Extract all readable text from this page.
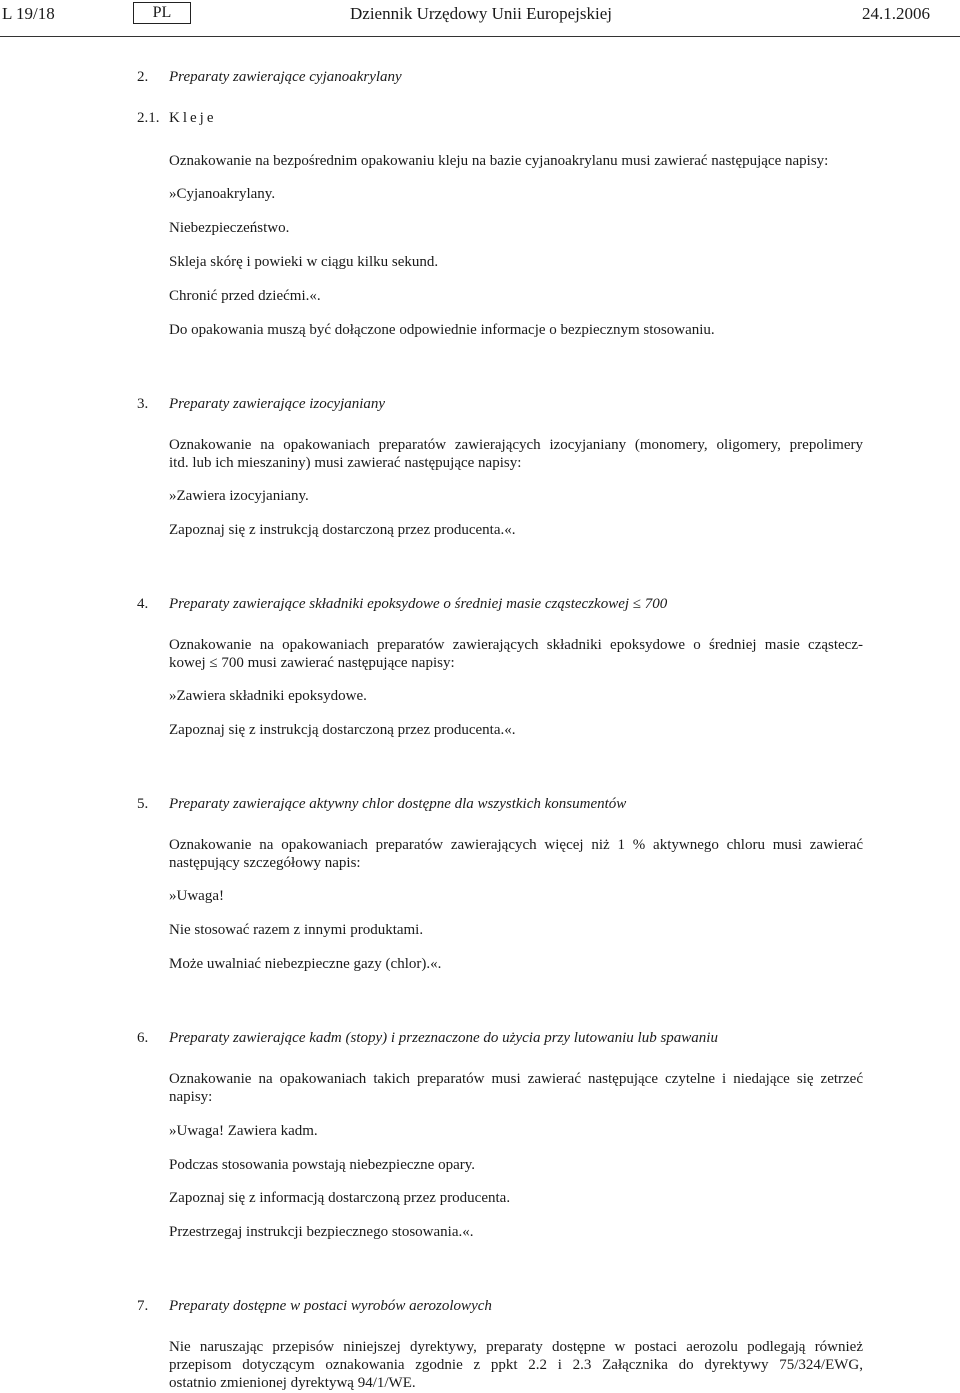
L 19/18	PL	Dziennik Urzędowy Unii Europejskiej	24.1.2006
2. Preparaty zawierające cyjanoakrylany
2.1. Kleje
Oznakowanie na bezpośrednim opakowaniu kleju na bazie cyjanoakrylanu musi zawierać następujące napisy:
»Cyjanoakrylany.
Niebezpieczeństwo.
Skleja skórę i powieki w ciągu kilku sekund.
Chronić przed dziećmi.«.
Do opakowania muszą być dołączone odpowiednie informacje o bezpiecznym stosowaniu.
3. Preparaty zawierające izocyjaniany
Oznakowanie na opakowaniach preparatów zawierających izocyjaniany (monomery, oligomery, prepolimery
itd. lub ich mieszaniny) musi zawierać następujące napisy:
»Zawiera izocyjaniany.
Zapoznaj się z instrukcją dostarczoną przez producenta.«.
4. Preparaty zawierające składniki epoksydowe o średniej masie cząsteczkowej ≤ 700
Oznakowanie na opakowaniach preparatów zawierających składniki epoksydowe o średniej masie cząstecz-
kowej ≤ 700 musi zawierać następujące napisy:
»Zawiera składniki epoksydowe.
Zapoznaj się z instrukcją dostarczoną przez producenta.«.
5. Preparaty zawierające aktywny chlor dostępne dla wszystkich konsumentów
Oznakowanie na opakowaniach preparatów zawierających więcej niż 1 % aktywnego chloru musi zawierać
następujący szczegółowy napis:
»Uwaga!
Nie stosować razem z innymi produktami.
Może uwalniać niebezpieczne gazy (chlor).«.
6. Preparaty zawierające kadm (stopy) i przeznaczone do użycia przy lutowaniu lub spawaniu
Oznakowanie na opakowaniach takich preparatów musi zawierać następujące czytelne i niedające się zetrzeć
napisy:
»Uwaga! Zawiera kadm.
Podczas stosowania powstają niebezpieczne opary.
Zapoznaj się z informacją dostarczoną przez producenta.
Przestrzegaj instrukcji bezpiecznego stosowania.«.
7. Preparaty dostępne w postaci wyrobów aerozolowych
Nie naruszając przepisów niniejszej dyrektywy, preparaty dostępne w postaci aerozolu podlegają również
przepisom dotyczącym oznakowania zgodnie z ppkt 2.2 i 2.3 Załącznika do dyrektywy 75/324/EWG,
ostatnio zmienionej dyrektywą 94/1/WE.
